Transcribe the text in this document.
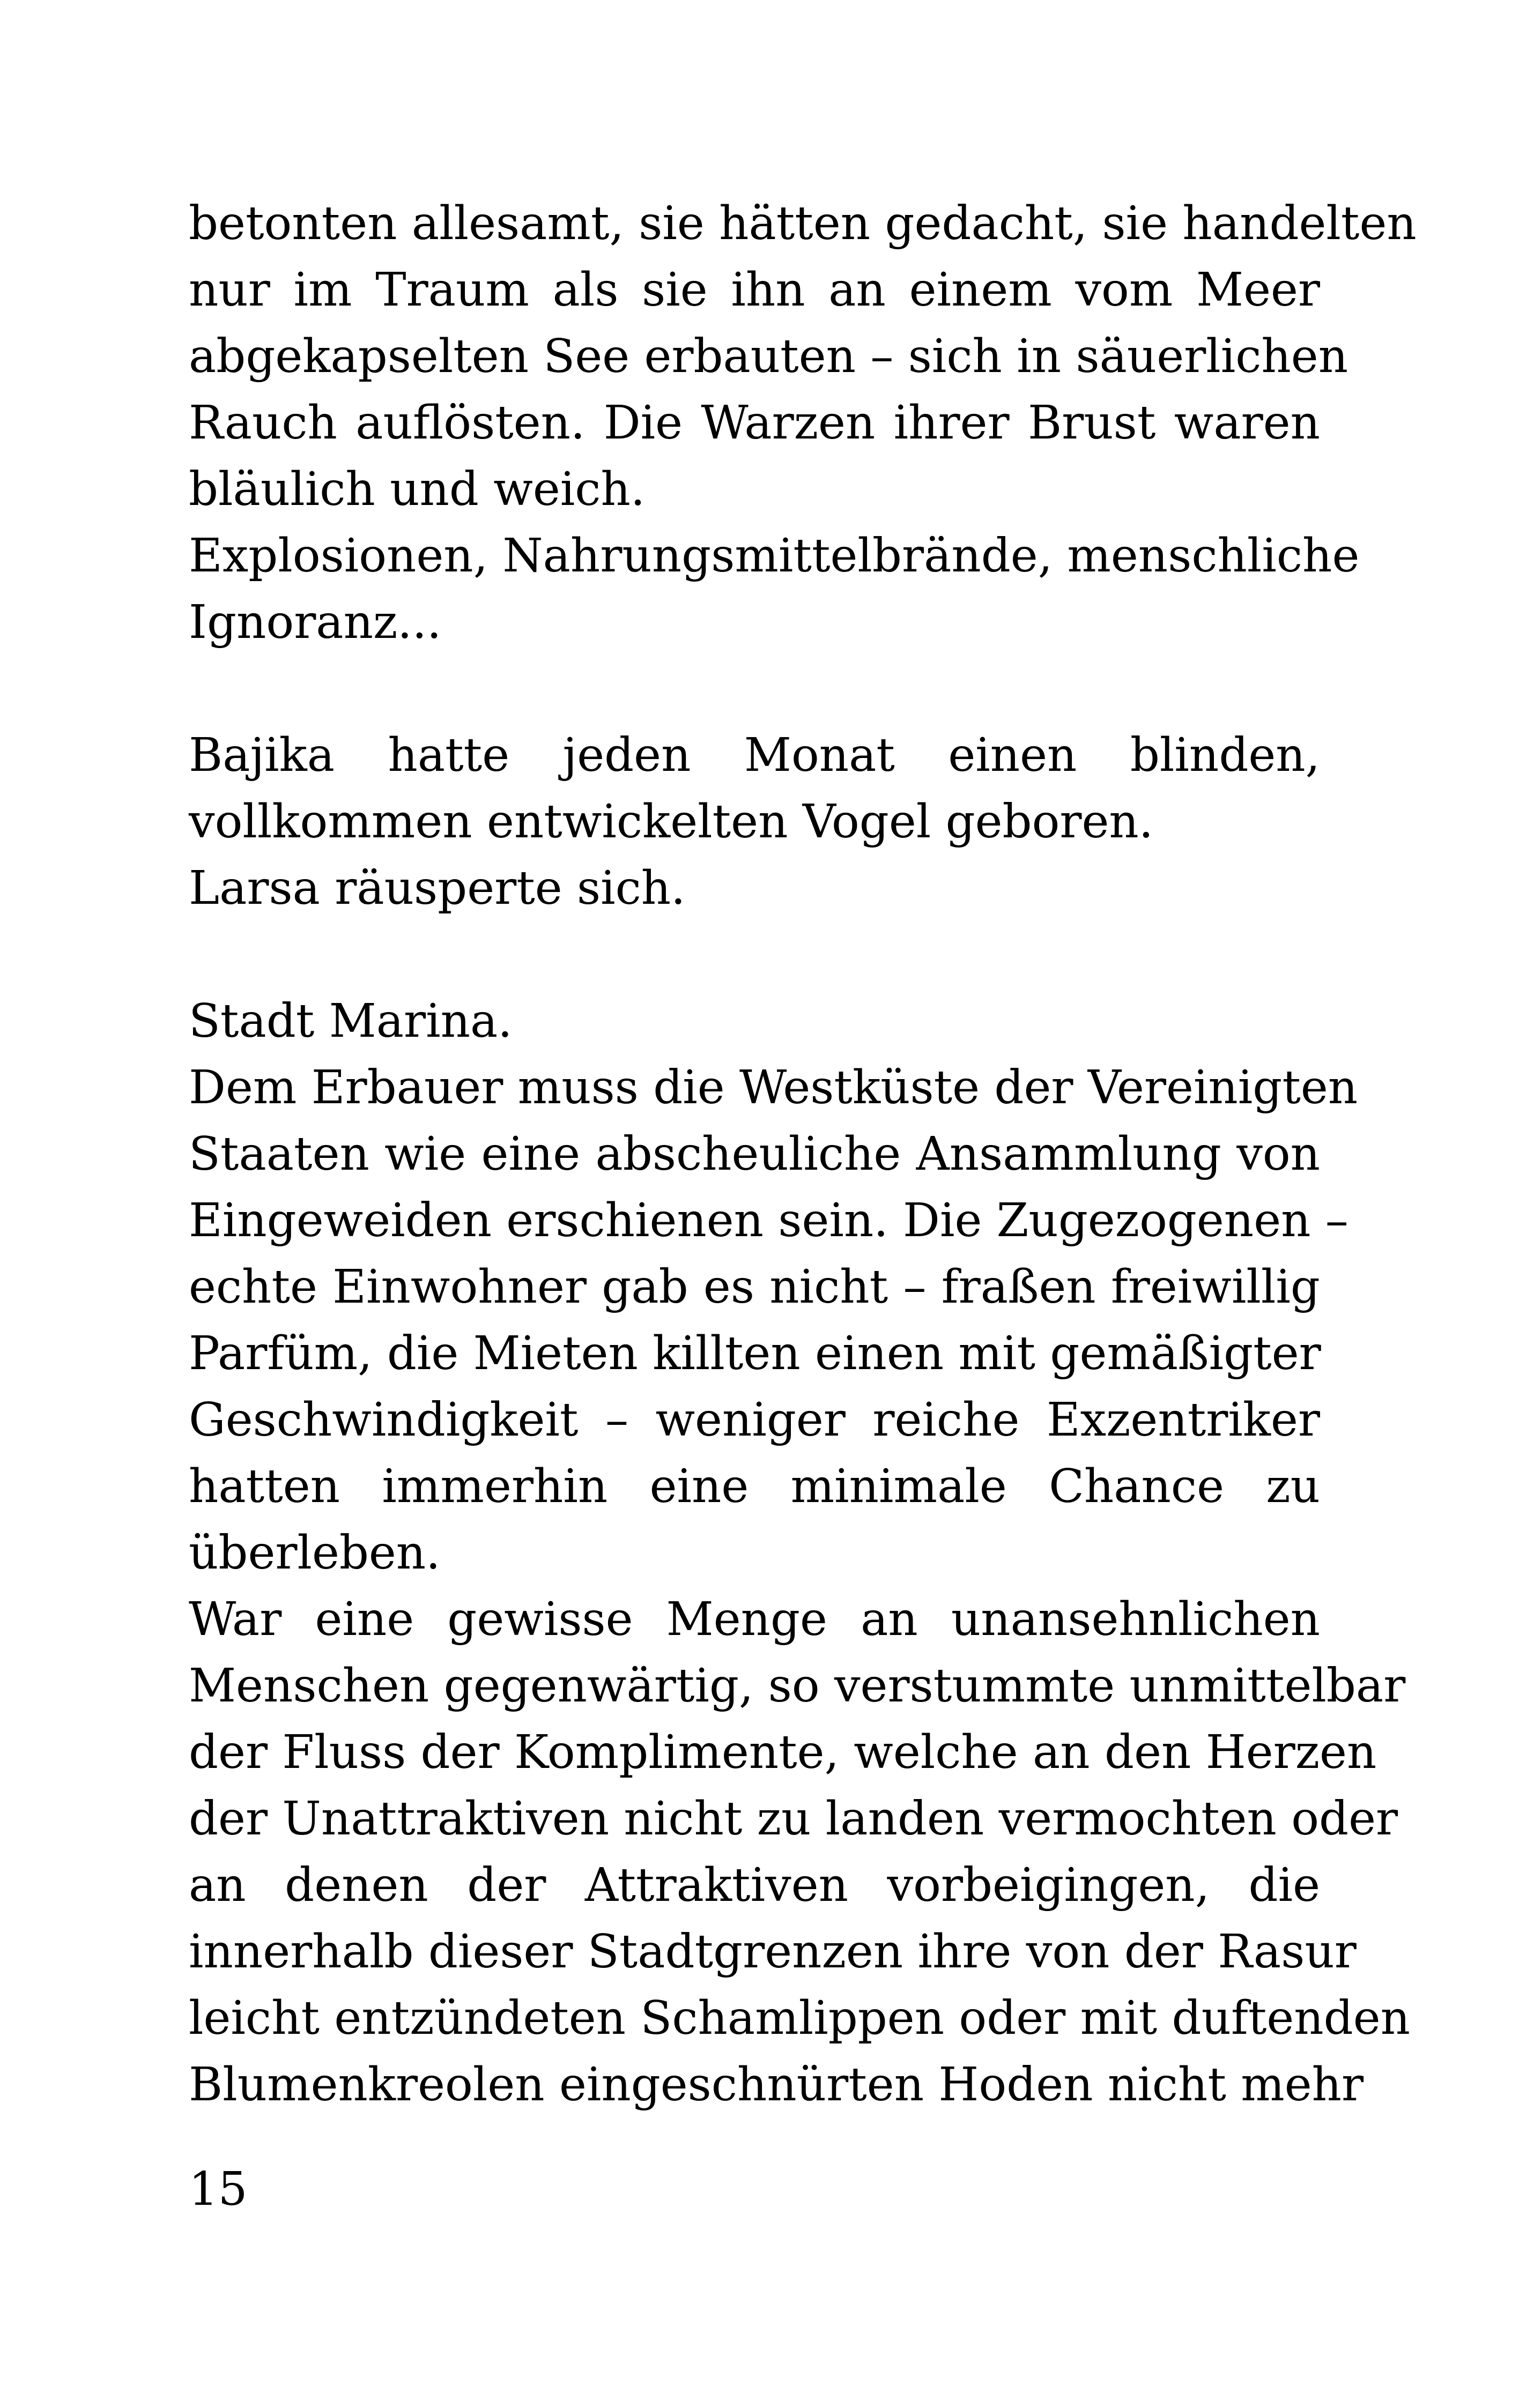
betonten allesamt, sie hätten gedacht, sie handelten
nur im Traum als sie ihn an einem vom Meer
abgekapselten See erbauten – sich in säuerlichen
Rauch auflösten. Die Warzen ihrer Brust waren
bläulich und weich.
Explosionen, Nahrungsmittelbrände, menschliche
Ignoranz...
Bajika hatte jeden Monat einen blinden,
vollkommen entwickelten Vogel geboren.
Larsa räusperte sich.
Stadt Marina.
Dem Erbauer muss die Westküste der Vereinigten
Staaten wie eine abscheuliche Ansammlung von
Eingeweiden erschienen sein. Die Zugezogenen –
echte Einwohner gab es nicht – fraßen freiwillig
Parfüm, die Mieten killten einen mit gemäßigter
Geschwindigkeit – weniger reiche Exzentriker
hatten immerhin eine minimale Chance zu
überleben.
War eine gewisse Menge an unansehnlichen
Menschen gegenwärtig, so verstummte unmittelbar
der Fluss der Komplimente, welche an den Herzen
der Unattraktiven nicht zu landen vermochten oder
an denen der Attraktiven vorbeigingen, die
innerhalb dieser Stadtgrenzen ihre von der Rasur
leicht entzündeten Schamlippen oder mit duftenden
Blumenkreolen eingeschnürten Hoden nicht mehr
15
